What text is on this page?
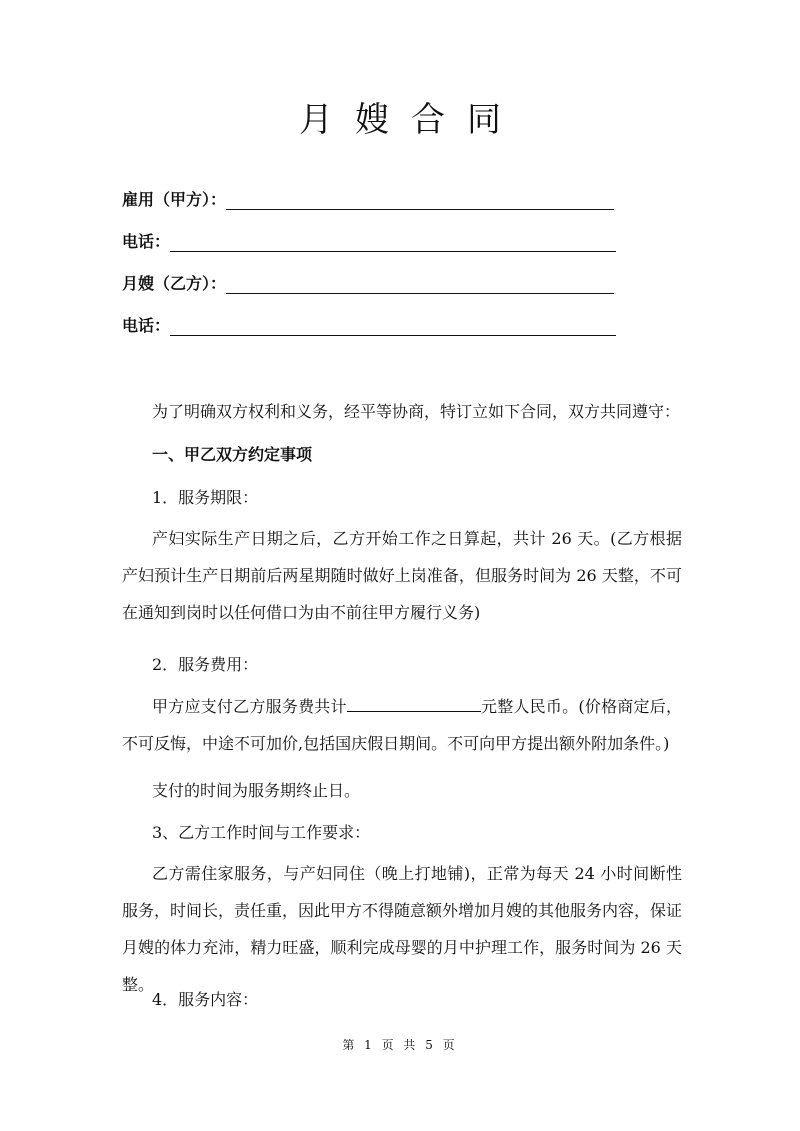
月嫂合同
雇用（甲方）：
电话：
月嫂（乙方）：
电话：
为了明确双方权利和义务，经平等协商，特订立如下合同，双方共同遵守：
一、甲乙双方约定事项
1．服务期限：
产妇实际生产日期之后，乙方开始工作之日算起，共计 26 天。(乙方根据产妇预计生产日期前后两星期随时做好上岗准备，但服务时间为 26 天整，不可在通知到岗时以任何借口为由不前往甲方履行义务)
2．服务费用：
甲方应支付乙方服务费共计	元整人民币。(价格商定后，不可反悔，中途不可加价,包括国庆假日期间。不可向甲方提出额外附加条件。)
支付的时间为服务期终止日。
3、乙方工作时间与工作要求：
乙方需住家服务，与产妇同住（晚上打地铺)，正常为每天 24 小时间断性服务，时间长，责任重，因此甲方不得随意额外增加月嫂的其他服务内容，保证月嫂的体力充沛，精力旺盛，顺利完成母婴的月中护理工作，服务时间为 26 天整。
4．服务内容：
第 1 页 共 5 页
